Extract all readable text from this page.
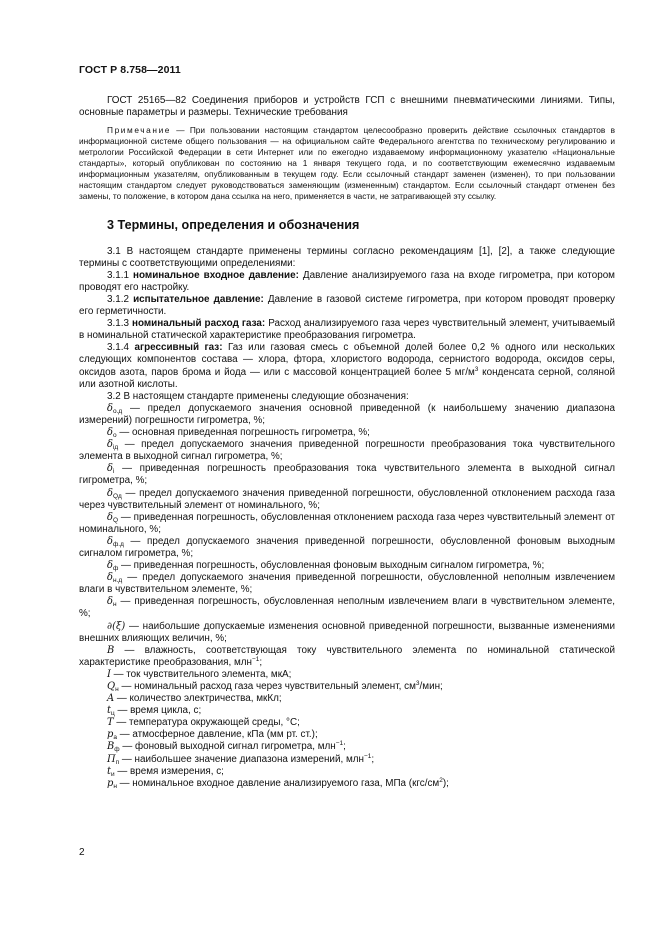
ГОСТ Р 8.758—2011

ГОСТ 25165—82 Соединения приборов и устройств ГСП с внешними пневматическими линиями. Типы, основные параметры и размеры. Технические требования

Примечание — При пользовании настоящим стандартом целесообразно проверить действие ссылочных стандартов в информационной системе общего пользования — на официальном сайте Федерального агентства по техническому регулированию и метрологии Российской Федерации в сети Интернет или по ежегодно издаваемому информационному указателю «Национальные стандарты», который опубликован по состоянию на 1 января текущего года, и по соответствующим ежемесячно издаваемым информационным указателям, опубликованным в текущем году. Если ссылочный стандарт заменен (изменен), то при пользовании настоящим стандартом следует руководствоваться заменяющим (измененным) стандартом. Если ссылочный стандарт отменен без замены, то положение, в котором дана ссылка на него, применяется в части, не затрагивающей эту ссылку.

3 Термины, определения и обозначения

3.1 В настоящем стандарте применены термины согласно рекомендациям [1], [2], а также следующие термины с соответствующими определениями:

3.1.1 номинальное входное давление: Давление анализируемого газа на входе гигрометра, при котором проводят его настройку.

3.1.2 испытательное давление: Давление в газовой системе гигрометра, при котором проводят проверку его герметичности.

3.1.3 номинальный расход газа: Расход анализируемого газа через чувствительный элемент, учитываемый в номинальной статической характеристике преобразования гигрометра.

3.1.4 агрессивный газ: Газ или газовая смесь с объемной долей более 0,2 % одного или нескольких следующих компонентов состава — хлора, фтора, хлористого водорода, сернистого водорода, оксидов серы, оксидов азота, паров брома и йода — или с массовой концентрацией более 5 $мг/м^3$ конденсата серной, соляной или азотной кислоты.

3.2 В настоящем стандарте применены следующие обозначения:

$\delta_{о.д}$ — предел допускаемого значения основной приведенной (к наибольшему значению диапазона измерений) погрешности гигрометра, %;

$\delta_о$ — основная приведенная погрешность гигрометра, %;

$\delta_{ід}$ — предел допускаемого значения приведенной погрешности преобразования тока чувствительного элемента в выходной сигнал гигрометра, %;

$\delta_і$ — приведенная погрешность преобразования тока чувствительного элемента в выходной сигнал гигрометра, %;

$\delta_{Qд}$ — предел допускаемого значения приведенной погрешности, обусловленной отклонением расхода газа через чувствительный элемент от номинального, %;

$\delta_Q$ — приведенная погрешность, обусловленная отклонением расхода газа через чувствительный элемент от номинального, %;

$\delta_{ф.д}$ — предел допускаемого значения приведенной погрешности, обусловленной фоновым выходным сигналом гигрометра, %;

$\delta_ф$ — приведенная погрешность, обусловленная фоновым выходным сигналом гигрометра, %;

$\delta_{н.д}$ — предел допускаемого значения приведенной погрешности, обусловленной неполным извлечением влаги в чувствительном элементе, %;

$\delta_н$ — приведенная погрешность, обусловленная неполным извлечением влаги в чувствительном элементе, %;

∂(ξ) — наибольшие допускаемые изменения основной приведенной погрешности, вызванные изменениями внешних влияющих величин, %;

B — влажность, соответствующая току чувствительного элемента по номинальной статической характеристике преобразования, млн$^{-1}$;

I — ток чувствительного элемента, мкА;

$Q_н$ — номинальный расход газа через чувствительный элемент, $см^3$/мин;

A — количество электричества, мкКл;

$t_ц$ — время цикла, с;

T — температура окружающей среды, °С;

$p_а$ — атмосферное давление, кПа (мм рт. ст.);

$B_ф$ — фоновый выходной сигнал гигрометра, млн$^{-1}$;

$П_п$ — наибольшее значение диапазона измерений, млн$^{-1}$;

$t_и$ — время измерения, с;

$p_н$ — номинальное входное давление анализируемого газа, МПа $(кгс/см^2)$;

2
